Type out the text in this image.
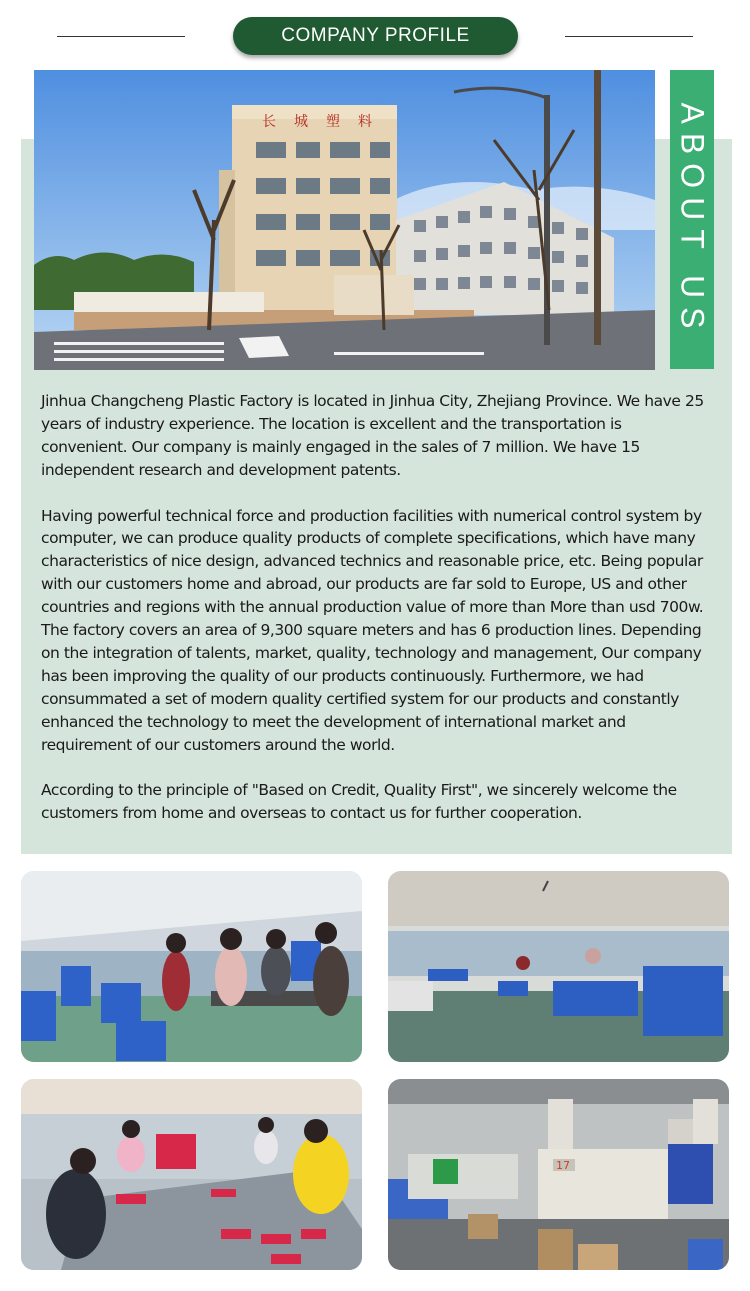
COMPANY PROFILE
长城塑料	ABOUT US

Jinhua Changcheng Plastic Factory is located in Jinhua City, Zhejiang Province. We have 25 years of industry experience. The location is excellent and the transportation is convenient. Our company is mainly engaged in the sales of 7 million. We have 15 independent research and development patents.

Having powerful technical force and production facilities with numerical control system by computer, we can produce quality products of complete specifications, which have many characteristics of nice design, advanced technics and reasonable price, etc. Being popular with our customers home and abroad, our products are far sold to Europe, US and other countries and regions with the annual production value of more than More than usd 700w. The factory covers an area of 9,300 square meters and has 6 production lines. Depending on the integration of talents, market, quality, technology and management, Our company has been improving the quality of our products continuously. Furthermore, we had consummated a set of modern quality certified system for our products and constantly enhanced the technology to meet the development of international market and requirement of our customers around the world.

According to the principle of "Based on Credit, Quality First", we sincerely welcome the customers from home and overseas to contact us for further cooperation.

17
